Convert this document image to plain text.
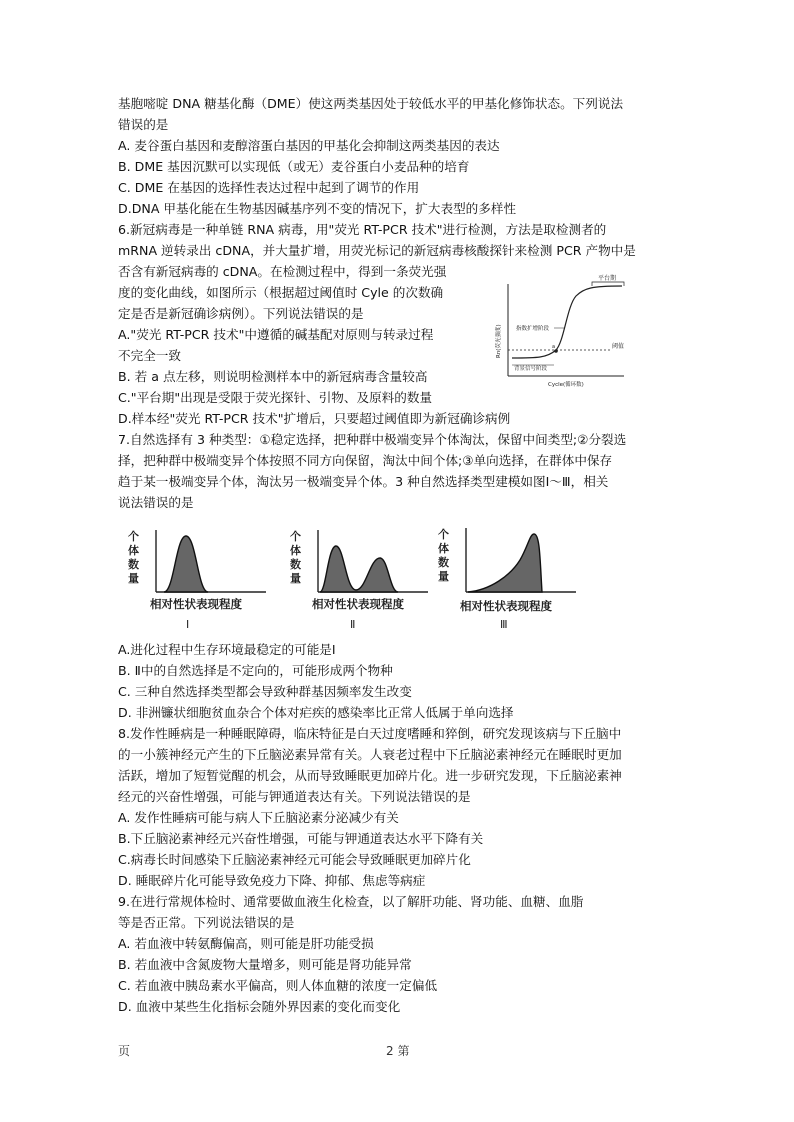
基胞嘧啶 DNA 糖基化酶（DME）使这两类基因处于较低水平的甲基化修饰状态。下列说法
错误的是
A. 麦谷蛋白基因和麦醇溶蛋白基因的甲基化会抑制这两类基因的表达
B. DME 基因沉默可以实现低（或无）麦谷蛋白小麦品种的培育
C. DME 在基因的选择性表达过程中起到了调节的作用
D.DNA 甲基化能在生物基因碱基序列不变的情况下，扩大表型的多样性
6.新冠病毒是一种单链 RNA 病毒，用"荧光 RT-PCR 技术"进行检测，方法是取检测者的
mRNA 逆转录出 cDNA，并大量扩增，用荧光标记的新冠病毒核酸探针来检测 PCR 产物中是
否含有新冠病毒的 cDNA。在检测过程中，得到一条荧光强
度的变化曲线，如图所示（根据超过阈值时 Cyle 的次数确
定是否是新冠确诊病例）。下列说法错误的是
A."荧光 RT-PCR 技术"中遵循的碱基配对原则与转录过程
不完全一致
B. 若 a 点左移，则说明检测样本中的新冠病毒含量较高
C."平台期"出现是受限于荧光探针、引物、及原料的数量
D.样本经"荧光 RT-PCR 技术"扩增后，只要超过阈值即为新冠确诊病例
平台期
指数扩增阶段
背景信号阶段
阈值
a
Cycle(循环数)
Rn(荧光强度)
7.自然选择有 3 种类型：①稳定选择，把种群中极端变异个体淘汰，保留中间类型;②分裂选
择，把种群中极端变异个体按照不同方向保留，淘汰中间个体;③单向选择，在群体中保存
趋于某一极端变异个体，淘汰另一极端变异个体。3 种自然选择类型建模如图Ⅰ～Ⅲ，相关
说法错误的是
个
体
数
量
相对性状表现程度
Ⅰ
个
体
数
量
相对性状表现程度
Ⅱ
个
体
数
量
相对性状表现程度
Ⅲ
A.进化过程中生存环境最稳定的可能是Ⅰ
B. Ⅱ中的自然选择是不定向的，可能形成两个物种
C. 三种自然选择类型都会导致种群基因频率发生改变
D. 非洲镰状细胞贫血杂合个体对疟疾的感染率比正常人低属于单向选择
8.发作性睡病是一种睡眠障碍，临床特征是白天过度嗜睡和猝倒，研究发现该病与下丘脑中
的一小簇神经元产生的下丘脑泌素异常有关。人衰老过程中下丘脑泌素神经元在睡眠时更加
活跃，增加了短暂觉醒的机会，从而导致睡眠更加碎片化。进一步研究发现，下丘脑泌素神
经元的兴奋性增强，可能与钾通道表达有关。下列说法错误的是
A. 发作性睡病可能与病人下丘脑泌素分泌减少有关
B.下丘脑泌素神经元兴奋性增强，可能与钾通道表达水平下降有关
C.病毒长时间感染下丘脑泌素神经元可能会导致睡眠更加碎片化
D. 睡眠碎片化可能导致免疫力下降、抑郁、焦虑等病症
9.在进行常规体检时、通常要做血液生化检查，以了解肝功能、肾功能、血糖、血脂
等是否正常。下列说法错误的是
A. 若血液中转氨酶偏高，则可能是肝功能受损
B. 若血液中含氮废物大量增多，则可能是肾功能异常
C. 若血液中胰岛素水平偏高，则人体血糖的浓度一定偏低
D. 血液中某些生化指标会随外界因素的变化而变化
页	2 第
